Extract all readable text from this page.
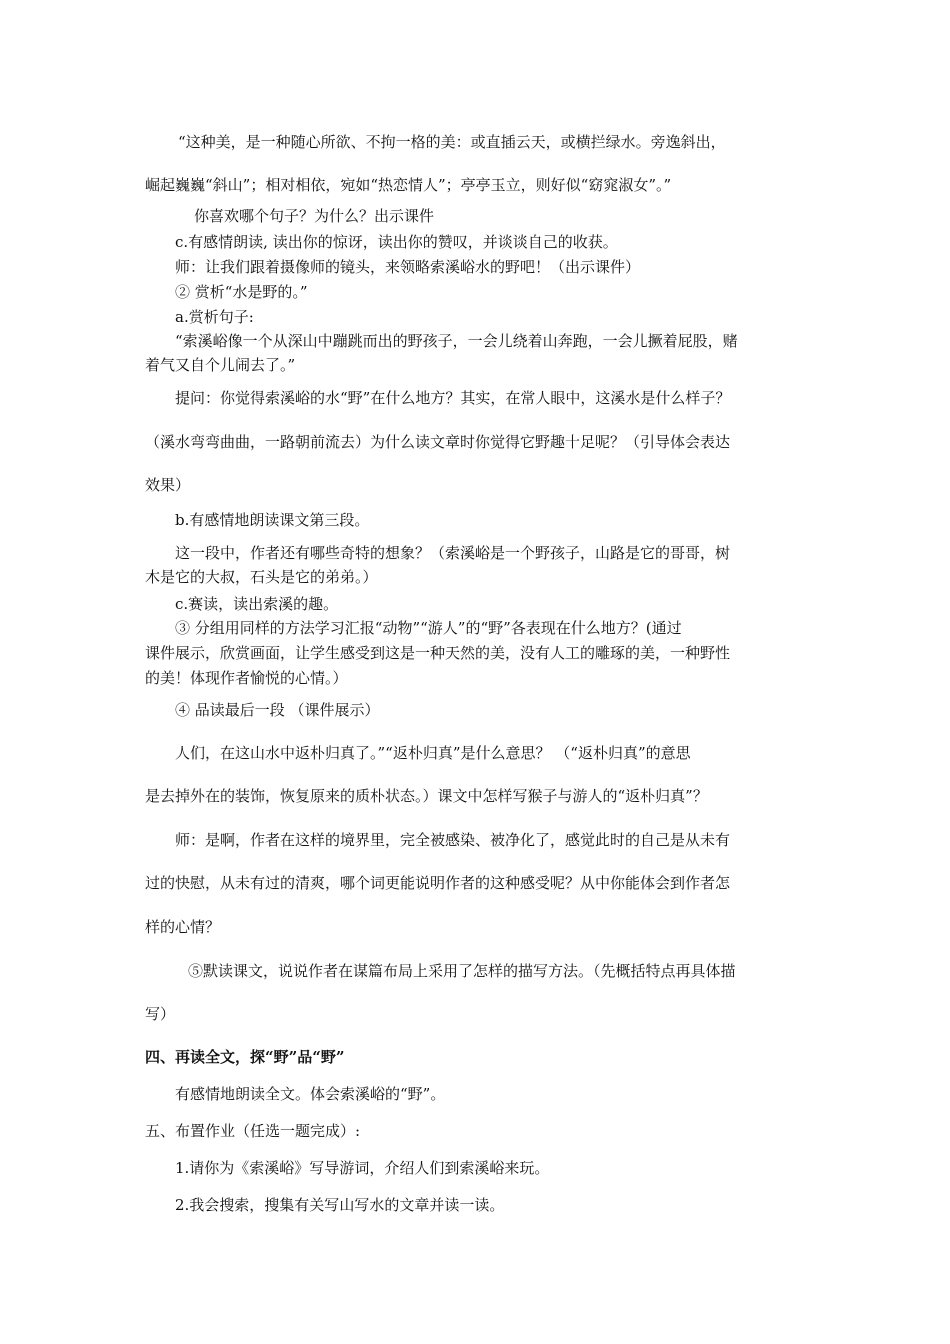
“这种美，是一种随心所欲、不拘一格的美：或直插云天，或横拦绿水。旁逸斜出，
崛起巍巍“斜山”；相对相依，宛如“热恋情人”；亭亭玉立，则好似“窈窕淑女”。”
你喜欢哪个句子？为什么？出示课件
c.有感情朗读, 读出你的惊讶，读出你的赞叹，并谈谈自己的收获。
师：让我们跟着摄像师的镜头，来领略索溪峪水的野吧！（出示课件）
② 赏析“水是野的。”
a.赏析句子:
“索溪峪像一个从深山中蹦跳而出的野孩子，一会儿绕着山奔跑，一会儿撅着屁股，赌
着气又自个儿闹去了。”
提问：你觉得索溪峪的水“野”在什么地方？其实，在常人眼中，这溪水是什么样子？
（溪水弯弯曲曲，一路朝前流去）为什么读文章时你觉得它野趣十足呢？（引导体会表达
效果）
b.有感情地朗读课文第三段。
这一段中，作者还有哪些奇特的想象？（索溪峪是一个野孩子，山路是它的哥哥，树
木是它的大叔，石头是它的弟弟。）
c.赛读，读出索溪的趣。
③ 分组用同样的方法学习汇报“动物”“游人”的“野”各表现在什么地方？(通过
课件展示，欣赏画面，让学生感受到这是一种天然的美，没有人工的雕琢的美，一种野性
的美！体现作者愉悦的心情。）
④ 品读最后一段 （课件展示）
人们，在这山水中返朴归真了。”“返朴归真”是什么意思？ （“返朴归真”的意思
是去掉外在的装饰，恢复原来的质朴状态。）课文中怎样写猴子与游人的“返朴归真”？
师：是啊，作者在这样的境界里，完全被感染、被净化了，感觉此时的自己是从未有
过的快慰，从未有过的清爽，哪个词更能说明作者的这种感受呢？从中你能体会到作者怎
样的心情？
⑤默读课文，说说作者在谋篇布局上采用了怎样的描写方法。（先概括特点再具体描
写）
四、再读全文，探“野”品“野”
有感情地朗读全文。体会索溪峪的“野”。
五、布置作业（任选一题完成）:
1.请你为《索溪峪》写导游词，介绍人们到索溪峪来玩。
2.我会搜索，搜集有关写山写水的文章并读一读。
